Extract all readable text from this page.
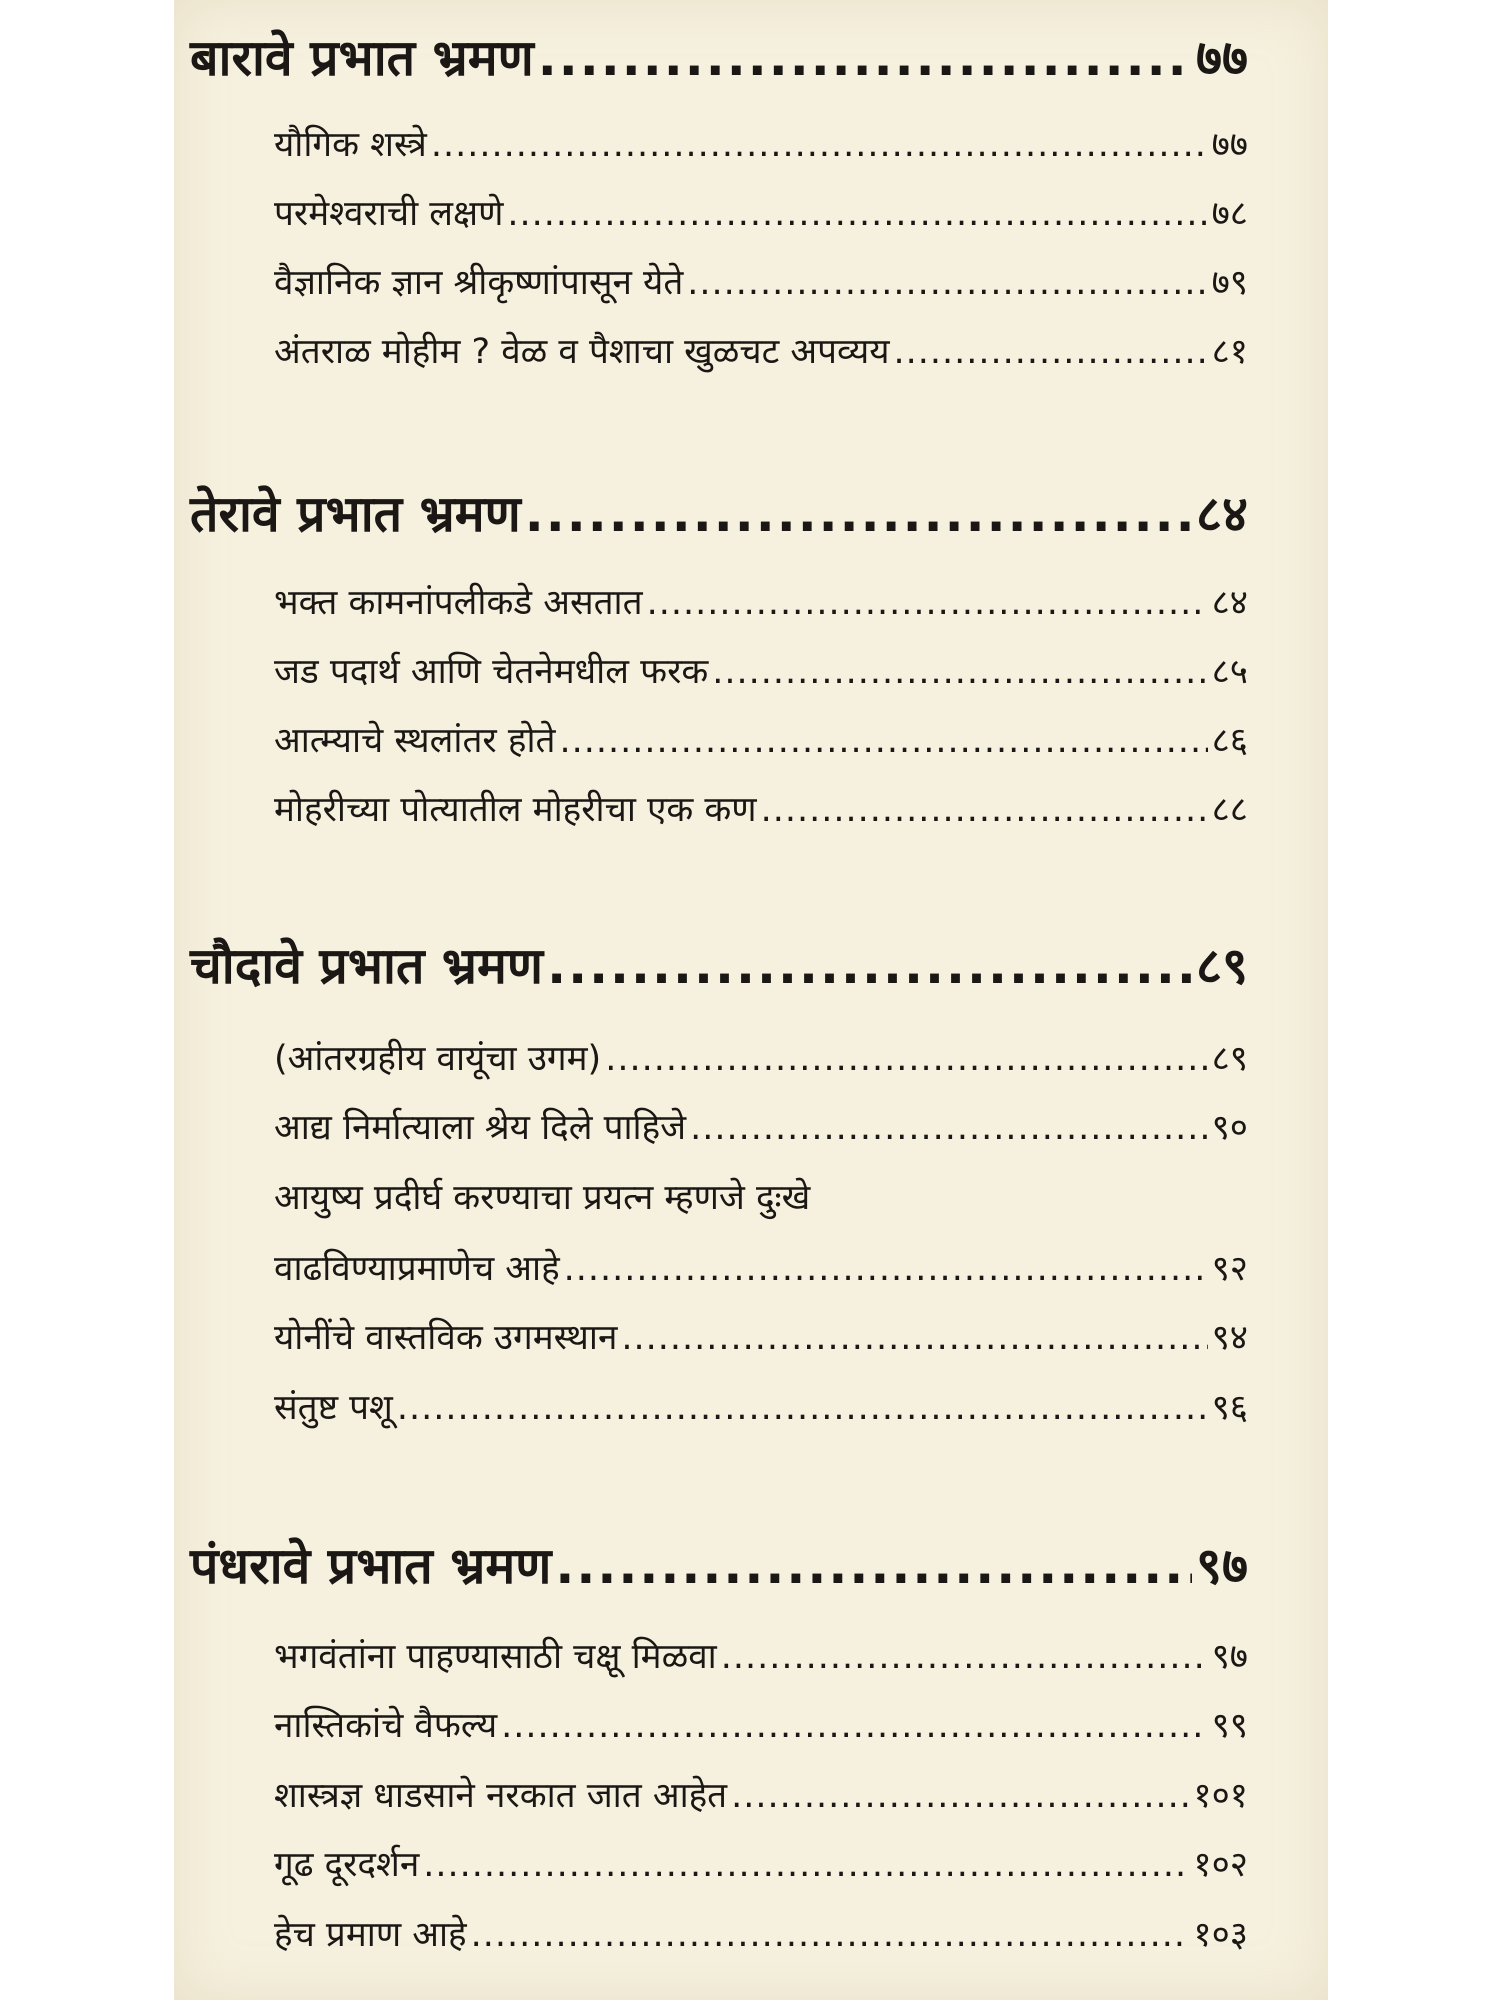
बारावे प्रभात भ्रमण .....	७७
यौगिक शस्त्रे .....	७७
परमेश्वराची लक्षणे .....	७८
वैज्ञानिक ज्ञान श्रीकृष्णांपासून येते .....	७९
अंतराळ मोहीम ? वेळ व पैशाचा खुळचट अपव्यय .....	८१
तेरावे प्रभात भ्रमण .....	८४
भक्त कामनांपलीकडे असतात .....	८४
जड पदार्थ आणि चेतनेमधील फरक .....	८५
आत्म्याचे स्थलांतर होते .....	८६
मोहरीच्या पोत्यातील मोहरीचा एक कण .....	८८
चौदावे प्रभात भ्रमण .....	८९
(आंतरग्रहीय वायूंचा उगम) .....	८९
आद्य निर्मात्याला श्रेय दिले पाहिजे .....	९०
आयुष्य प्रदीर्घ करण्याचा प्रयत्न म्हणजे दुःखे
वाढविण्याप्रमाणेच आहे .....	९२
योनींचे वास्तविक उगमस्थान .....	९४
संतुष्ट पशू .....	९६
पंधरावे प्रभात भ्रमण .....	९७
भगवंतांना पाहण्यासाठी चक्षू मिळवा .....	९७
नास्तिकांचे वैफल्य .....	९९
शास्त्रज्ञ धाडसाने नरकात जात आहेत .....	१०१
गूढ दूरदर्शन .....	१०२
हेच प्रमाण आहे .....	१०३
